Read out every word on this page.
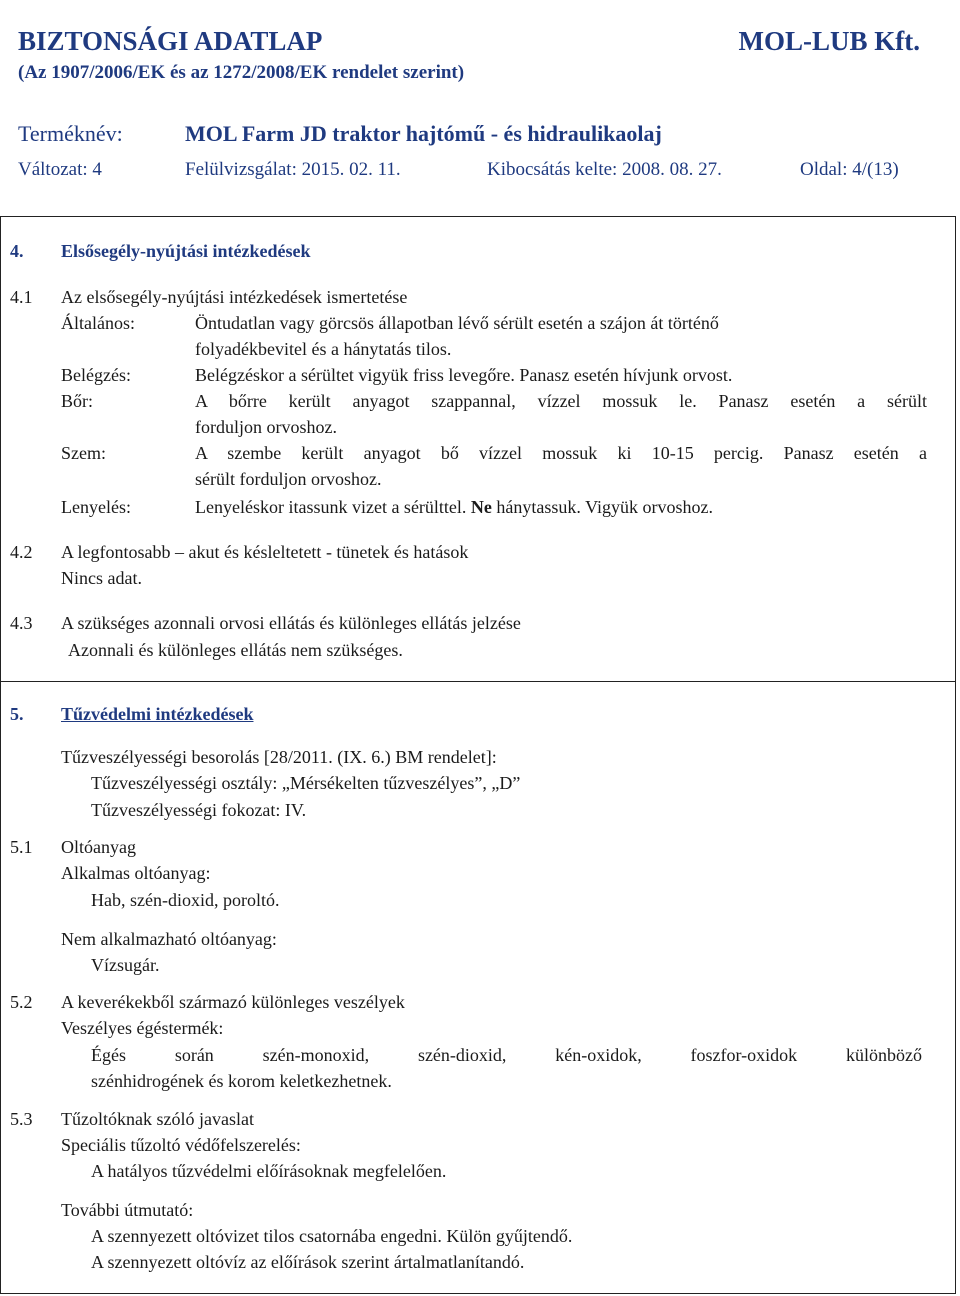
BIZTONSÁGI ADATLAP	MOL-LUB Kft.
(Az 1907/2006/EK és az 1272/2008/EK rendelet szerint)
Terméknév:	MOL Farm JD traktor hajtómű - és hidraulikaolaj
Változat: 4	Felülvizsgálat: 2015. 02. 11.	Kibocsátás kelte: 2008. 08. 27.	Oldal: 4/(13)
4. Elsősegély-nyújtási intézkedések
4.1 Az elsősegély-nyújtási intézkedések ismertetése
Általános:	Öntudatlan vagy görcsös állapotban lévő sérült esetén a szájon át történő
folyadékbevitel és a hánytatás tilos.
Belégzés:	Belégzéskor a sérültet vigyük friss levegőre. Panasz esetén hívjunk orvost.
Bőr:	A bőrre került anyagot szappannal, vízzel mossuk le. Panasz esetén a sérült
forduljon orvoshoz.
Szem:	A szembe került anyagot bő vízzel mossuk ki 10-15 percig. Panasz esetén a
sérült forduljon orvoshoz.
Lenyelés:	Lenyeléskor itassunk vizet a sérülttel. Ne hánytassuk. Vigyük orvoshoz.
4.2 A legfontosabb – akut és késleltetett - tünetek és hatások
Nincs adat.
4.3 A szükséges azonnali orvosi ellátás és különleges ellátás jelzése
Azonnali és különleges ellátás nem szükséges.
5. Tűzvédelmi intézkedések
Tűzveszélyességi besorolás [28/2011. (IX. 6.) BM rendelet]:
Tűzveszélyességi osztály: „Mérsékelten tűzveszélyes”, „D”
Tűzveszélyességi fokozat: IV.
5.1 Oltóanyag
Alkalmas oltóanyag:
Hab, szén-dioxid, poroltó.
Nem alkalmazható oltóanyag:
Vízsugár.
5.2 A keverékekből származó különleges veszélyek
Veszélyes égéstermék:
Égés során szén-monoxid, szén-dioxid, kén-oxidok, foszfor-oxidok különböző
szénhidrogének és korom keletkezhetnek.
5.3 Tűzoltóknak szóló javaslat
Speciális tűzoltó védőfelszerelés:
A hatályos tűzvédelmi előírásoknak megfelelően.
További útmutató:
A szennyezett oltóvizet tilos csatornába engedni. Külön gyűjtendő.
A szennyezett oltóvíz az előírások szerint ártalmatlanítandó.
